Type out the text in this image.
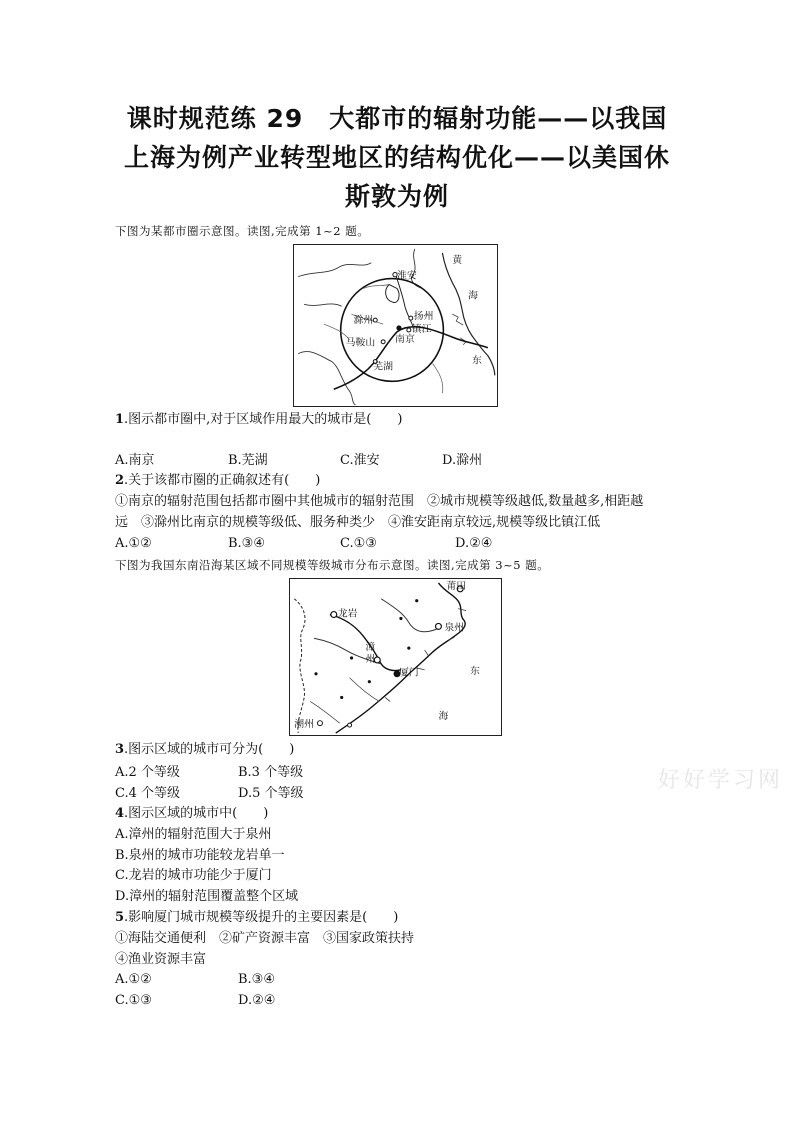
课时规范练 29　大都市的辐射功能——以我国
上海为例产业转型地区的结构优化——以美国休
斯敦为例
下图为某都市圈示意图。读图,完成第 1~2 题。
黄
海
淮安
扬州
镇江
滁州
南京
马鞍山
芜湖
东
1.图示都市圈中,对于区域作用最大的城市是(　　)
A.南京	B.芜湖	C.淮安	D.滁州
2.关于该都市圈的正确叙述有(　　)
①南京的辐射范围包括都市圈中其他城市的辐射范围　②城市规模等级越低,数量越多,相距越
远　③滁州比南京的规模等级低、服务种类少　④淮安距南京较远,规模等级比镇江低
A.①②	B.③④	C.①③	D.②④
下图为我国东南沿海某区域不同规模等级城市分布示意图。读图,完成第 3~5 题。
莆田
龙岩
泉州
漳
州
东
厦门
海
潮州
3.图示区域的城市可分为(　　)
A.2 个等级	B.3 个等级
C.4 个等级	D.5 个等级
4.图示区域的城市中(　　)
A.漳州的辐射范围大于泉州
B.泉州的城市功能较龙岩单一
C.龙岩的城市功能少于厦门
D.漳州的辐射范围覆盖整个区域
5.影响厦门城市规模等级提升的主要因素是(　　)
①海陆交通便利　②矿产资源丰富　③国家政策扶持
④渔业资源丰富
A.①②	B.③④
C.①③	D.②④
好好学习网
